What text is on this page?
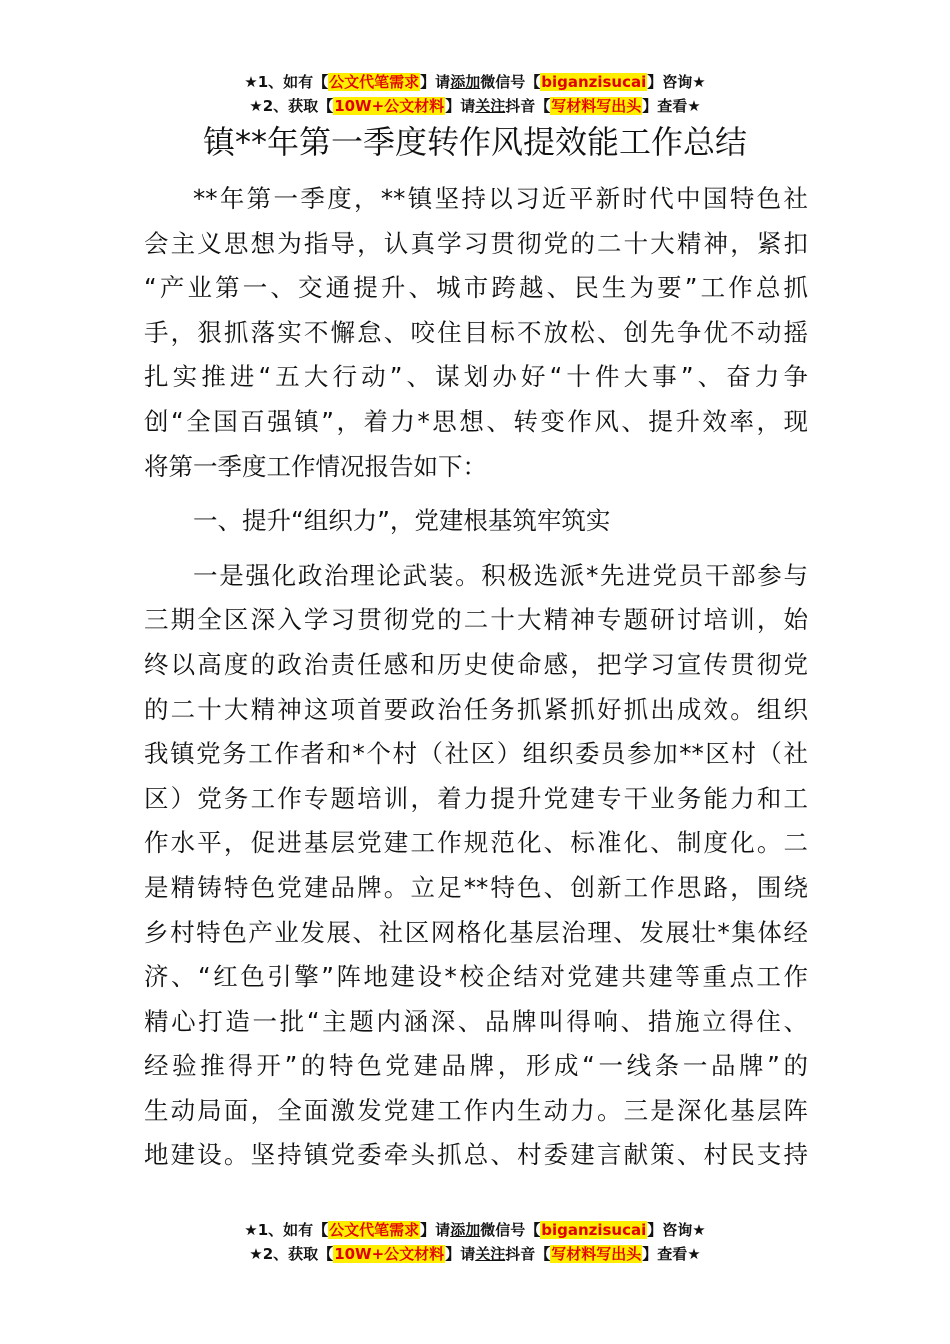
★1、如有【公文代笔需求】请添加微信号【biganzisucai】咨询★
★2、获取【10W+公文材料】请关注抖音【写材料写出头】查看★
镇**年第一季度转作风提效能工作总结
**年第一季度，**镇坚持以习近平新时代中国特色社
会主义思想为指导，认真学习贯彻党的二十大精神，紧扣
“产业第一、交通提升、城市跨越、民生为要”工作总抓
手，狠抓落实不懈怠、咬住目标不放松、创先争优不动摇
扎实推进“五大行动”、谋划办好“十件大事”、奋力争
创“全国百强镇”，着力*思想、转变作风、提升效率，现
将第一季度工作情况报告如下：
一、提升“组织力”，党建根基筑牢筑实
一是强化政治理论武装。积极选派*先进党员干部参与
三期全区深入学习贯彻党的二十大精神专题研讨培训，始
终以高度的政治责任感和历史使命感，把学习宣传贯彻党
的二十大精神这项首要政治任务抓紧抓好抓出成效。组织
我镇党务工作者和*个村（社区）组织委员参加**区村（社
区）党务工作专题培训，着力提升党建专干业务能力和工
作水平，促进基层党建工作规范化、标准化、制度化。二
是精铸特色党建品牌。立足**特色、创新工作思路，围绕
乡村特色产业发展、社区网格化基层治理、发展壮*集体经
济、“红色引擎”阵地建设*校企结对党建共建等重点工作
精心打造一批“主题内涵深、品牌叫得响、措施立得住、
经验推得开”的特色党建品牌，形成“一线条一品牌”的
生动局面，全面激发党建工作内生动力。三是深化基层阵
地建设。坚持镇党委牵头抓总、村委建言献策、村民支持
★1、如有【公文代笔需求】请添加微信号【biganzisucai】咨询★
★2、获取【10W+公文材料】请关注抖音【写材料写出头】查看★
